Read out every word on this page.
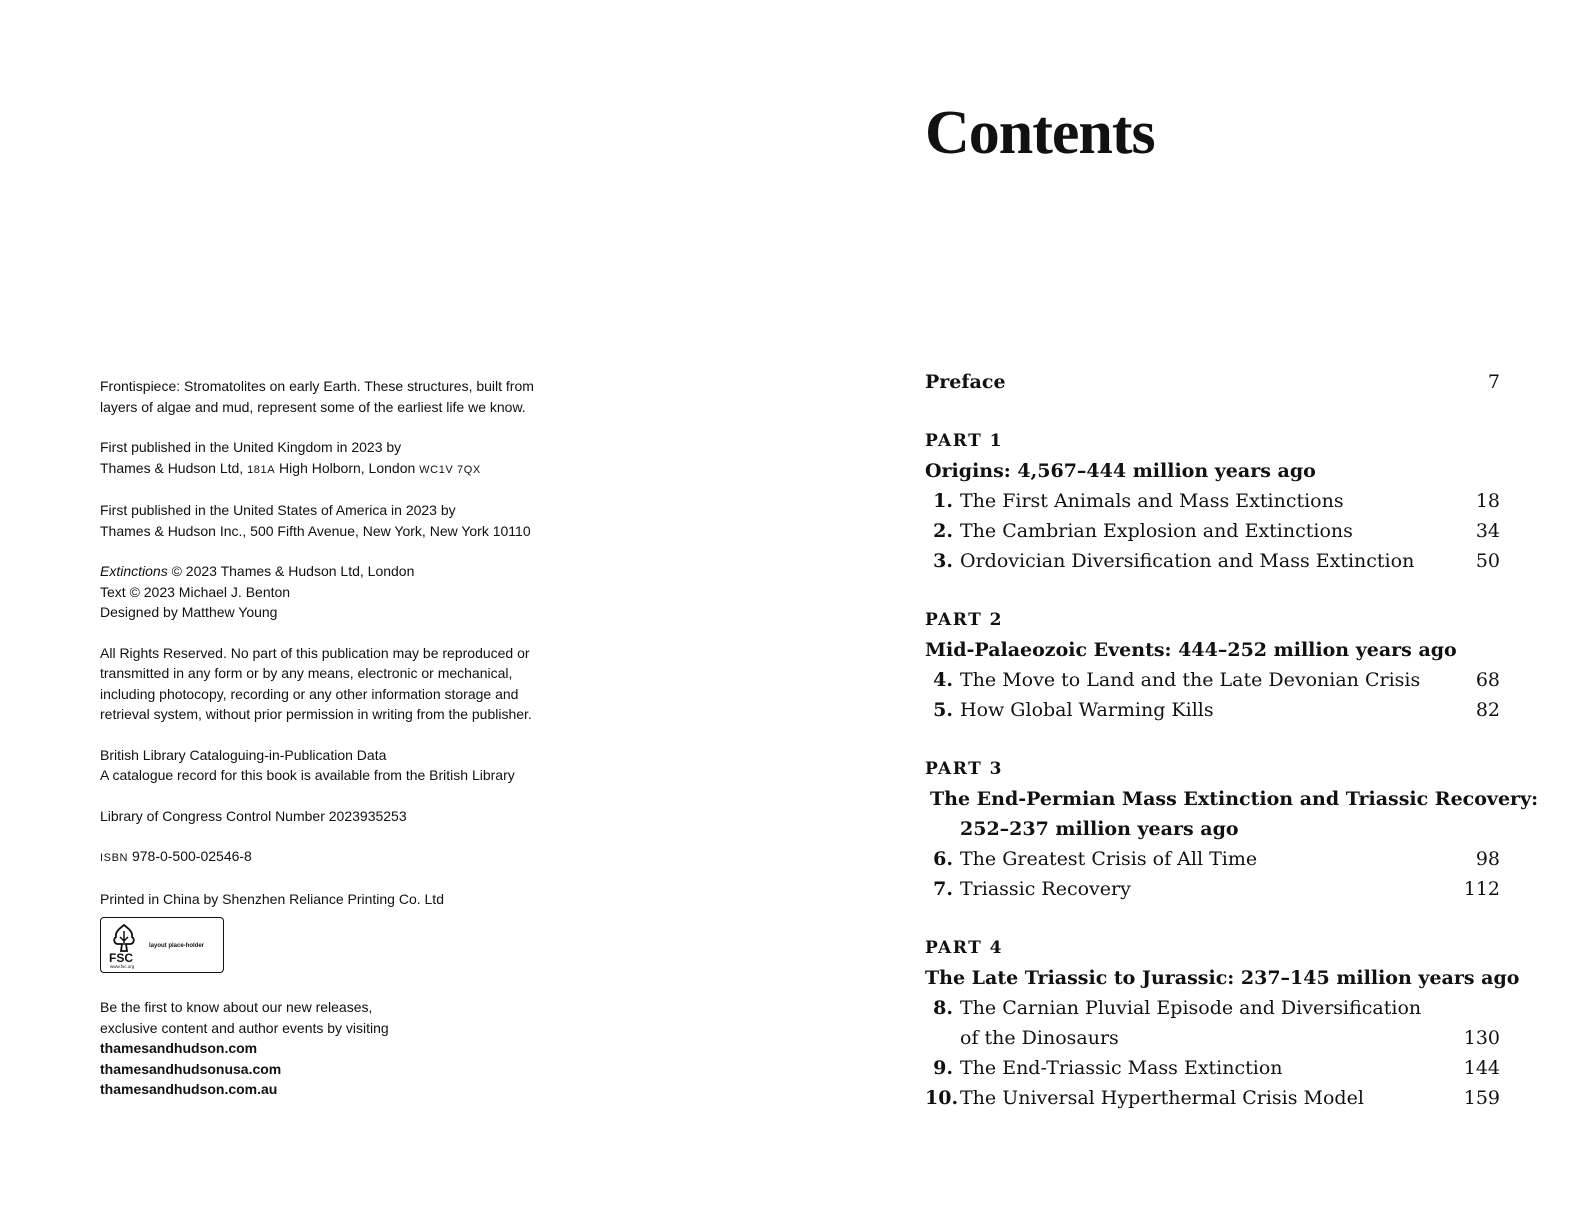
Frontispiece: Stromatolites on early Earth. These structures, built from
layers of algae and mud, represent some of the earliest life we know.

First published in the United Kingdom in 2023 by
Thames & Hudson Ltd, 181A High Holborn, London WC1V 7QX

First published in the United States of America in 2023 by
Thames & Hudson Inc., 500 Fifth Avenue, New York, New York 10110

Extinctions © 2023 Thames & Hudson Ltd, London
Text © 2023 Michael J. Benton
Designed by Matthew Young

All Rights Reserved. No part of this publication may be reproduced or
transmitted in any form or by any means, electronic or mechanical,
including photocopy, recording or any other information storage and
retrieval system, without prior permission in writing from the publisher.

British Library Cataloguing-in-Publication Data
A catalogue record for this book is available from the British Library

Library of Congress Control Number 2023935253

ISBN 978-0-500-02546-8

Printed in China by Shenzhen Reliance Printing Co. Ltd

FSC
www.fsc.org
layout place-holder

Be the first to know about our new releases,
exclusive content and author events by visiting
thamesandhudson.com
thamesandhudsonusa.com
thamesandhudson.com.au

Contents
Preface	7
PART 1
Origins: 4,567–444 million years ago
1. The First Animals and Mass Extinctions	18
2. The Cambrian Explosion and Extinctions	34
3. Ordovician Diversification and Mass Extinction	50
PART 2
Mid-Palaeozoic Events: 444–252 million years ago
4. The Move to Land and the Late Devonian Crisis	68
5. How Global Warming Kills	82
PART 3
The End-Permian Mass Extinction and Triassic Recovery:
252–237 million years ago
6. The Greatest Crisis of All Time	98
7. Triassic Recovery	112
PART 4
The Late Triassic to Jurassic: 237–145 million years ago
8. The Carnian Pluvial Episode and Diversification
of the Dinosaurs	130
9. The End-Triassic Mass Extinction	144
10. The Universal Hyperthermal Crisis Model	159
